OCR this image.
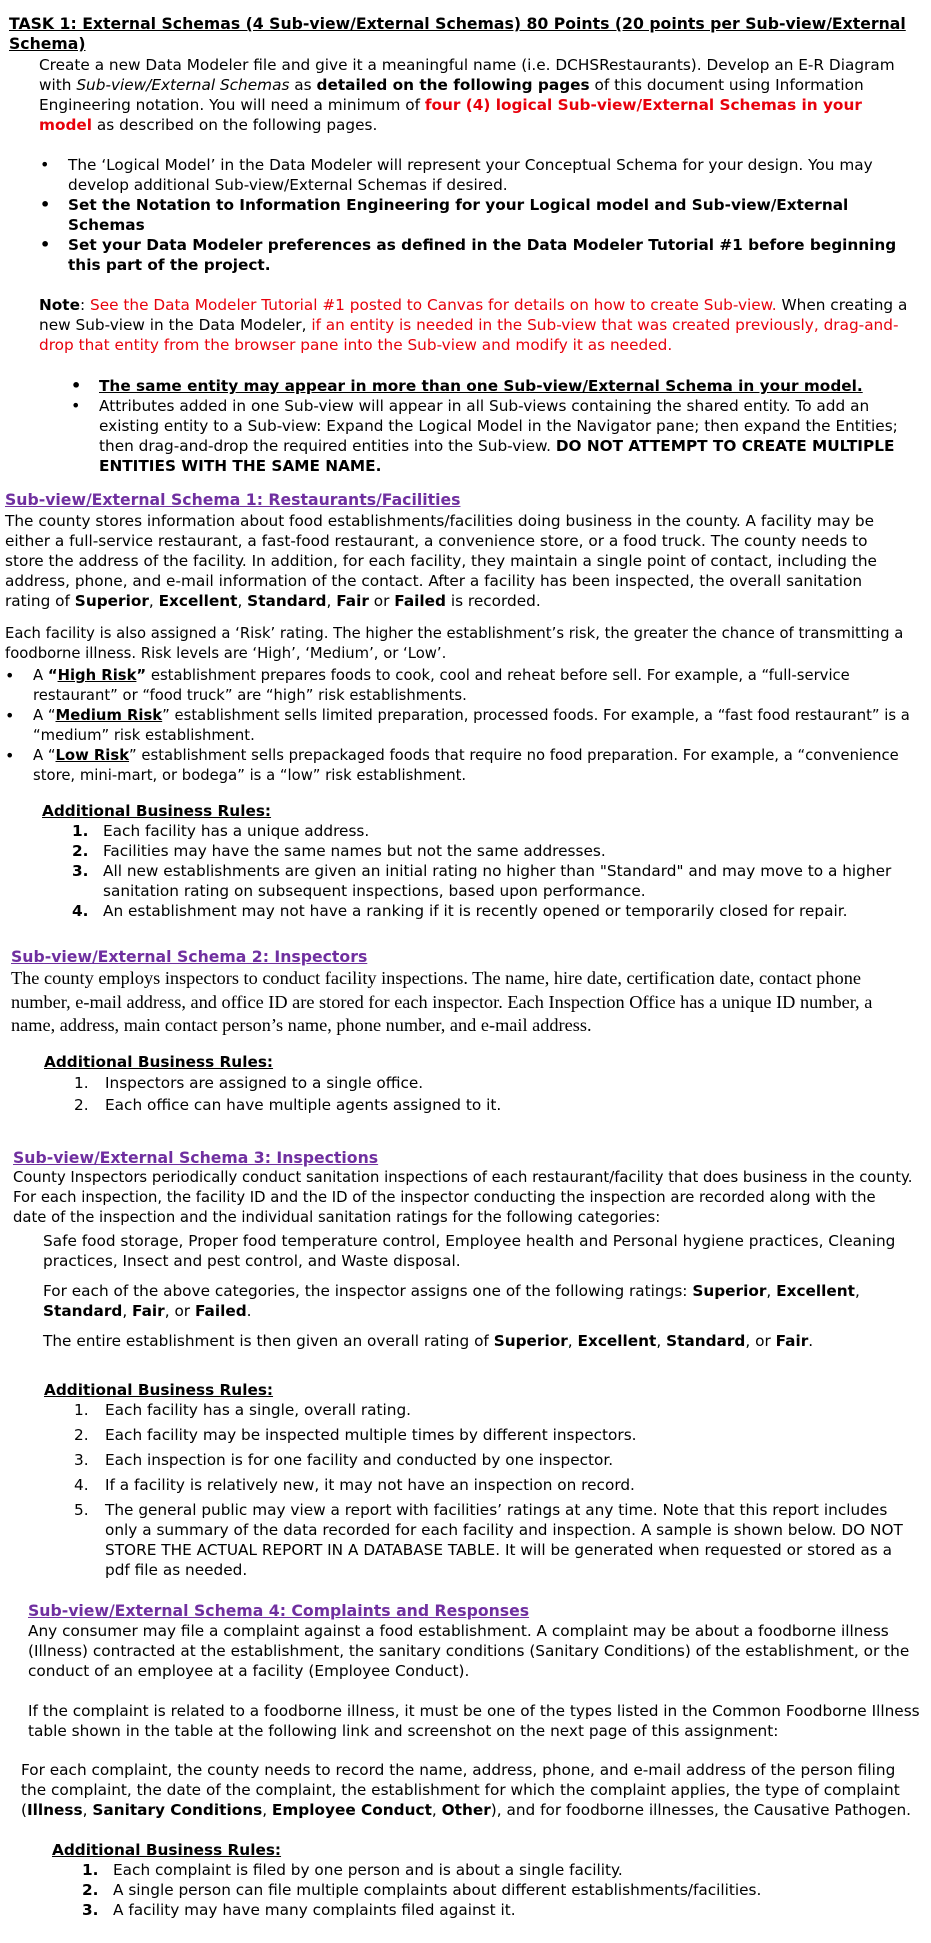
TASK 1: External Schemas (4 Sub-view/External Schemas) 80 Points (20 points per Sub-view/External Schema)

Create a new Data Modeler file and give it a meaningful name (i.e. DCHSRestaurants). Develop an E-R Diagram with Sub-view/External Schemas as detailed on the following pages of this document using Information Engineering notation. You will need a minimum of four (4) logical Sub-view/External Schemas in your model as described on the following pages.

• The ‘Logical Model’ in the Data Modeler will represent your Conceptual Schema for your design. You may develop additional Sub-view/External Schemas if desired.
• Set the Notation to Information Engineering for your Logical model and Sub-view/External Schemas
• Set your Data Modeler preferences as defined in the Data Modeler Tutorial #1 before beginning this part of the project.

Note: See the Data Modeler Tutorial #1 posted to Canvas for details on how to create Sub-view. When creating a new Sub-view in the Data Modeler, if an entity is needed in the Sub-view that was created previously, drag-and-drop that entity from the browser pane into the Sub-view and modify it as needed.

• The same entity may appear in more than one Sub-view/External Schema in your model.
• Attributes added in one Sub-view will appear in all Sub-views containing the shared entity. To add an existing entity to a Sub-view: Expand the Logical Model in the Navigator pane; then expand the Entities; then drag-and-drop the required entities into the Sub-view. DO NOT ATTEMPT TO CREATE MULTIPLE ENTITIES WITH THE SAME NAME.

Sub-view/External Schema 1: Restaurants/Facilities

The county stores information about food establishments/facilities doing business in the county. A facility may be either a full-service restaurant, a fast-food restaurant, a convenience store, or a food truck. The county needs to store the address of the facility. In addition, for each facility, they maintain a single point of contact, including the address, phone, and e-mail information of the contact. After a facility has been inspected, the overall sanitation rating of Superior, Excellent, Standard, Fair or Failed is recorded.

Each facility is also assigned a ‘Risk’ rating. The higher the establishment’s risk, the greater the chance of transmitting a foodborne illness. Risk levels are ‘High’, ‘Medium’, or ‘Low’.

• A “High Risk” establishment prepares foods to cook, cool and reheat before sell. For example, a “full-service restaurant” or “food truck” are “high” risk establishments.
• A “Medium Risk” establishment sells limited preparation, processed foods. For example, a “fast food restaurant” is a “medium” risk establishment.
• A “Low Risk” establishment sells prepackaged foods that require no food preparation. For example, a “convenience store, mini-mart, or bodega” is a “low” risk establishment.

Additional Business Rules:

1. Each facility has a unique address.
2. Facilities may have the same names but not the same addresses.
3. All new establishments are given an initial rating no higher than "Standard" and may move to a higher sanitation rating on subsequent inspections, based upon performance.
4. An establishment may not have a ranking if it is recently opened or temporarily closed for repair.

Sub-view/External Schema 2: Inspectors

The county employs inspectors to conduct facility inspections. The name, hire date, certification date, contact phone number, e-mail address, and office ID are stored for each inspector. Each Inspection Office has a unique ID number, a name, address, main contact person’s name, phone number, and e-mail address.

Additional Business Rules:

1. Inspectors are assigned to a single office.
2. Each office can have multiple agents assigned to it.

Sub-view/External Schema 3: Inspections

County Inspectors periodically conduct sanitation inspections of each restaurant/facility that does business in the county. For each inspection, the facility ID and the ID of the inspector conducting the inspection are recorded along with the date of the inspection and the individual sanitation ratings for the following categories:

Safe food storage, Proper food temperature control, Employee health and Personal hygiene practices, Cleaning practices, Insect and pest control, and Waste disposal.

For each of the above categories, the inspector assigns one of the following ratings: Superior, Excellent, Standard, Fair, or Failed.

The entire establishment is then given an overall rating of Superior, Excellent, Standard, or Fair.

Additional Business Rules:

1. Each facility has a single, overall rating.
2. Each facility may be inspected multiple times by different inspectors.
3. Each inspection is for one facility and conducted by one inspector.
4. If a facility is relatively new, it may not have an inspection on record.
5. The general public may view a report with facilities’ ratings at any time. Note that this report includes only a summary of the data recorded for each facility and inspection. A sample is shown below. DO NOT STORE THE ACTUAL REPORT IN A DATABASE TABLE. It will be generated when requested or stored as a pdf file as needed.

Sub-view/External Schema 4: Complaints and Responses

Any consumer may file a complaint against a food establishment. A complaint may be about a foodborne illness (Illness) contracted at the establishment, the sanitary conditions (Sanitary Conditions) of the establishment, or the conduct of an employee at a facility (Employee Conduct).

If the complaint is related to a foodborne illness, it must be one of the types listed in the Common Foodborne Illness table shown in the table at the following link and screenshot on the next page of this assignment:

For each complaint, the county needs to record the name, address, phone, and e-mail address of the person filing the complaint, the date of the complaint, the establishment for which the complaint applies, the type of complaint (Illness, Sanitary Conditions, Employee Conduct, Other), and for foodborne illnesses, the Causative Pathogen.

Additional Business Rules:

1. Each complaint is filed by one person and is about a single facility.
2. A single person can file multiple complaints about different establishments/facilities.
3. A facility may have many complaints filed against it.
